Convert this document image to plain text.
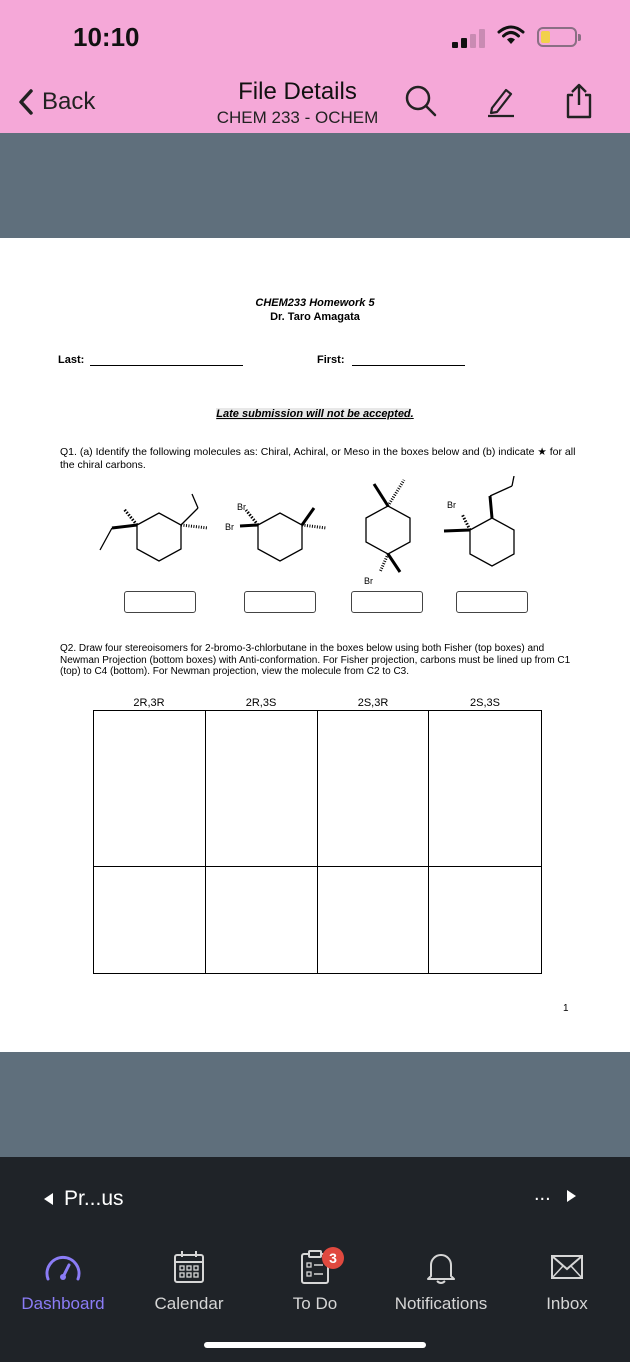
10:10
Back	File Details
CHEM 233 - OCHEM
CHEM233 Homework 5
Dr. Taro Amagata
Last:	First:
Late submission will not be accepted.
Q1. (a) Identify the following molecules as: Chiral, Achiral, or Meso in the boxes below and (b) indicate ★ for all the chiral carbons.
Br
Br
Br
Br
Q2. Draw four stereoisomers for 2-bromo-3-chlorbutane in the boxes below using both Fisher (top boxes) and Newman Projection (bottom boxes) with Anti-conformation. For Fisher projection, carbons must be lined up from C1 (top) to C4 (bottom). For Newman projection, view the molecule from C2 to C3.
2R,3R	2R,3S	2S,3R	2S,3S
1
Pr...us	...
Dashboard	Calendar
3
To Do	Notifications	Inbox
